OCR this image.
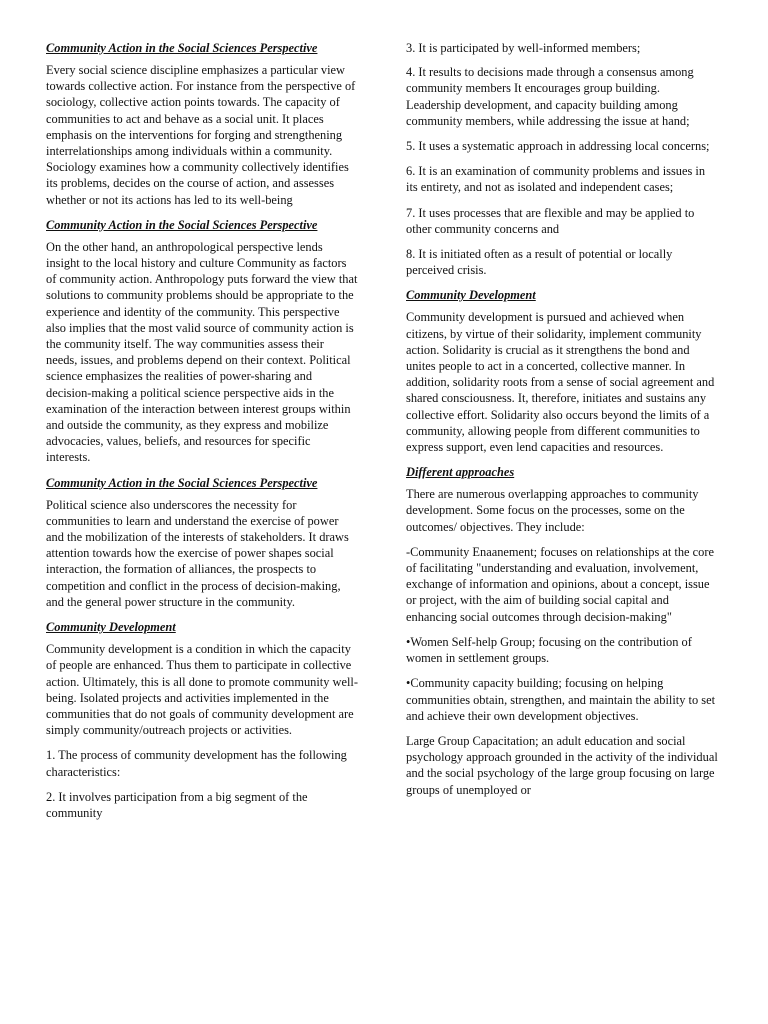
Community Action in the Social Sciences Perspective

Every social science discipline emphasizes a particular view towards collective action. For instance from the perspective of sociology, collective action points towards. The capacity of communities to act and behave as a social unit. It places emphasis on the interventions for forging and strengthening interrelationships among individuals within a community. Sociology examines how a community collectively identifies its problems, decides on the course of action, and assesses whether or not its actions has led to its well-being

Community Action in the Social Sciences Perspective

On the other hand, an anthropological perspective lends insight to the local history and culture Community as factors of community action. Anthropology puts forward the view that solutions to community problems should be appropriate to the experience and identity of the community. This perspective also implies that the most valid source of community action is the community itself. The way communities assess their needs, issues, and problems depend on their context. Political science emphasizes the realities of power-sharing and decision-making a political science perspective aids in the examination of the interaction between interest groups within and outside the community, as they express and mobilize advocacies, values, beliefs, and resources for specific interests.

Community Action in the Social Sciences Perspective

Political science also underscores the necessity for communities to learn and understand the exercise of power and the mobilization of the interests of stakeholders. It draws attention towards how the exercise of power shapes social interaction, the formation of alliances, the prospects to competition and conflict in the process of decision-making, and the general power structure in the community.

Community Development

Community development is a condition in which the capacity of people are enhanced. Thus them to participate in collective action. Ultimately, this is all done to promote community well-being. Isolated projects and activities implemented in the communities that do not goals of community development are simply community/outreach projects or activities.

1. The process of community development has the following characteristics:

2. It involves participation from a big segment of the community

3. It is participated by well-informed members;

4. It results to decisions made through a consensus among community members It encourages group building. Leadership development, and capacity building among community members, while addressing the issue at hand;

5. It uses a systematic approach in addressing local concerns;

6. It is an examination of community problems and issues in its entirety, and not as isolated and independent cases;

7. It uses processes that are flexible and may be applied to other community concerns and

8. It is initiated often as a result of potential or locally perceived crisis.

Community Development

Community development is pursued and achieved when citizens, by virtue of their solidarity, implement community action. Solidarity is crucial as it strengthens the bond and unites people to act in a concerted, collective manner. In addition, solidarity roots from a sense of social agreement and shared consciousness. It, therefore, initiates and sustains any collective effort. Solidarity also occurs beyond the limits of a community, allowing people from different communities to express support, even lend capacities and resources.

Different approaches

There are numerous overlapping approaches to community development. Some focus on the processes, some on the outcomes/ objectives. They include:

-Community Enaanement; focuses on relationships at the core of facilitating "understanding and evaluation, involvement, exchange of information and opinions, about a concept, issue or project, with the aim of building social capital and enhancing social outcomes through decision-making"

•Women Self-help Group; focusing on the contribution of women in settlement groups.

•Community capacity building; focusing on helping communities obtain, strengthen, and maintain the ability to set and achieve their own development objectives.

Large Group Capacitation; an adult education and social psychology approach grounded in the activity of the individual and the social psychology of the large group focusing on large groups of unemployed or
